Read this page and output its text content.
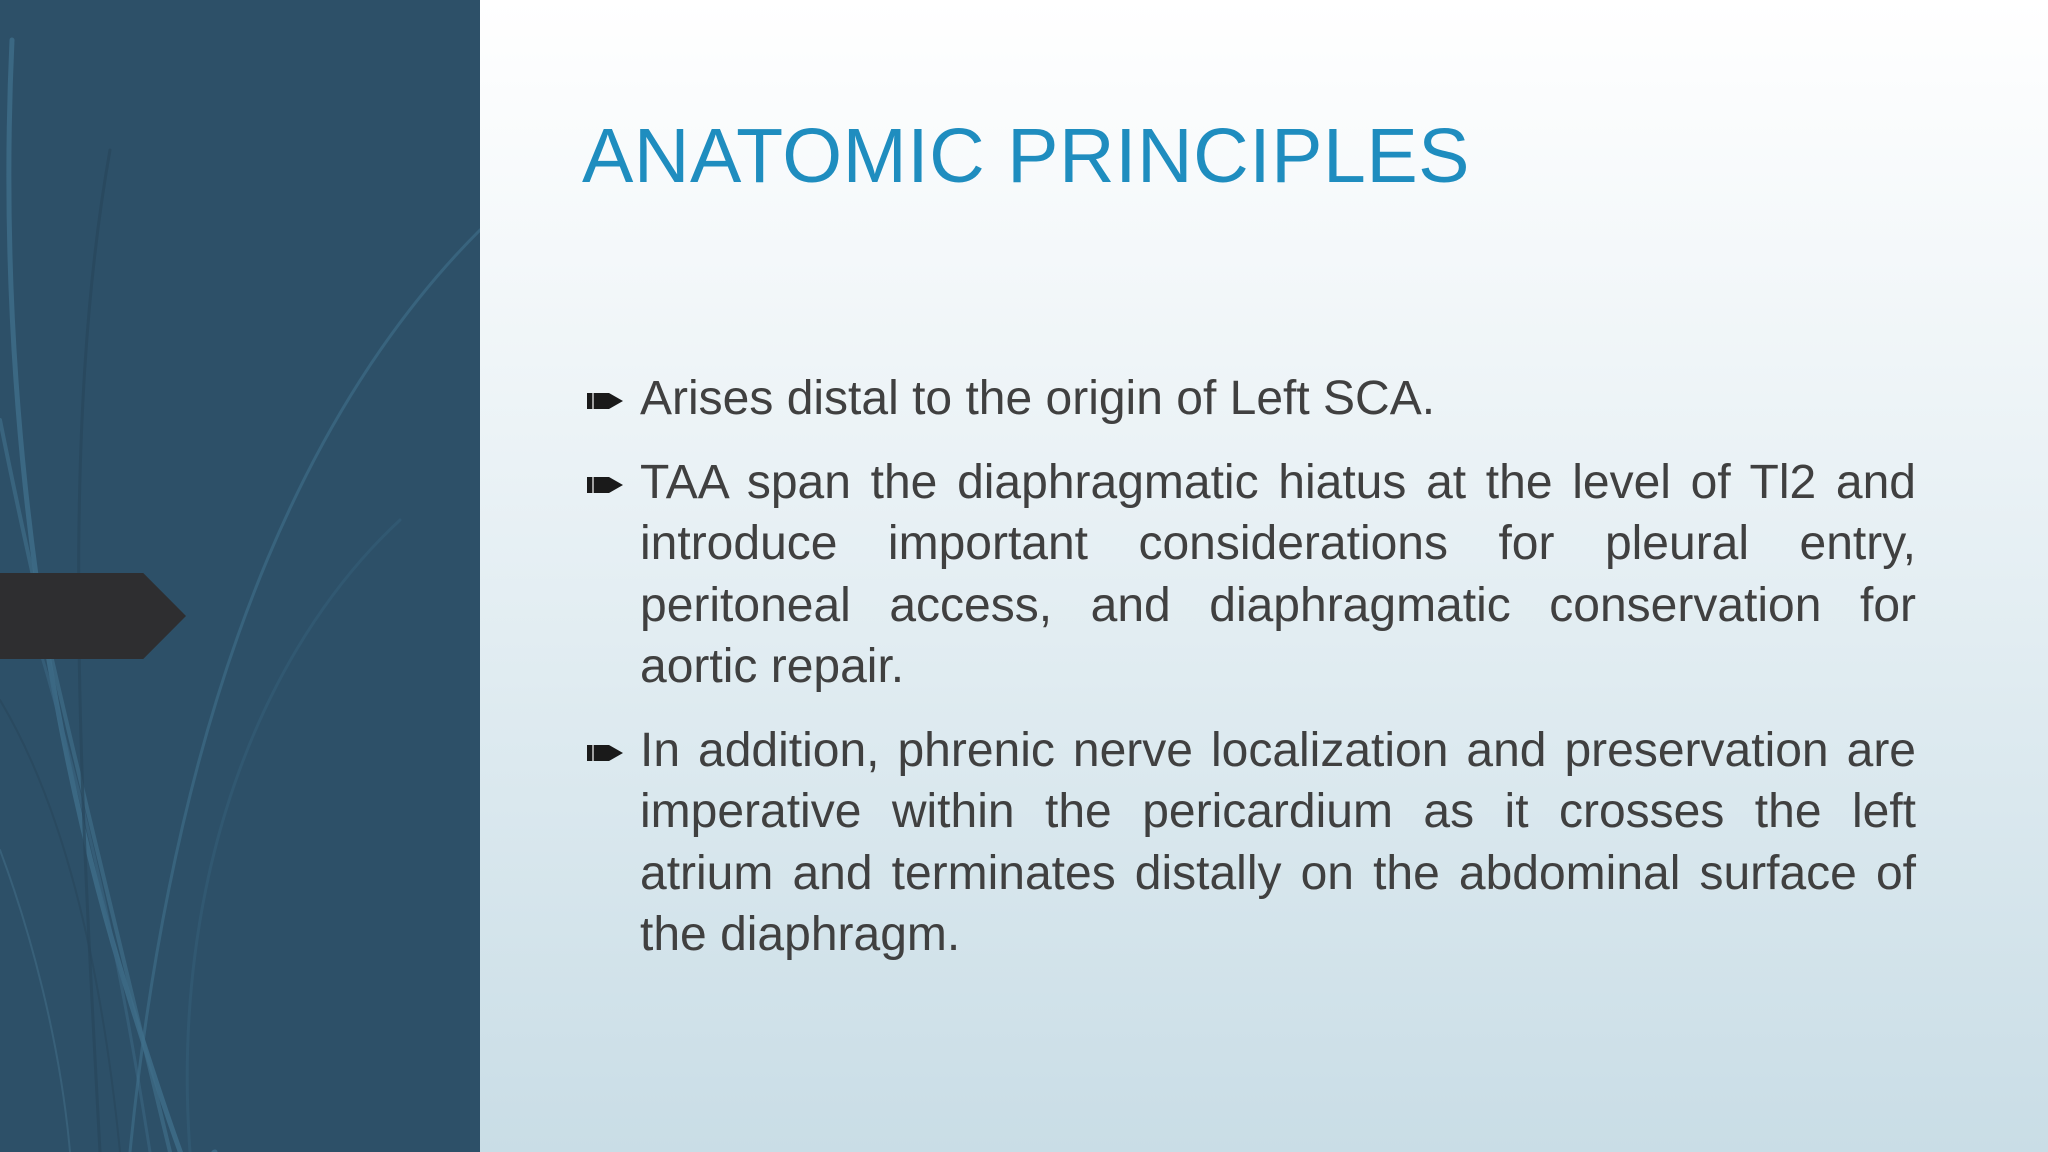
ANATOMIC PRINCIPLES
Arises distal to the origin of Left SCA.
TAA span the diaphragmatic hiatus at the level of Tl2 and introduce important considerations for pleural entry, peritoneal access, and diaphragmatic conservation for aortic repair.
In addition, phrenic nerve localization and preservation are imperative within the pericardium as it crosses the left atrium and terminates distally on the abdominal surface of the diaphragm.
